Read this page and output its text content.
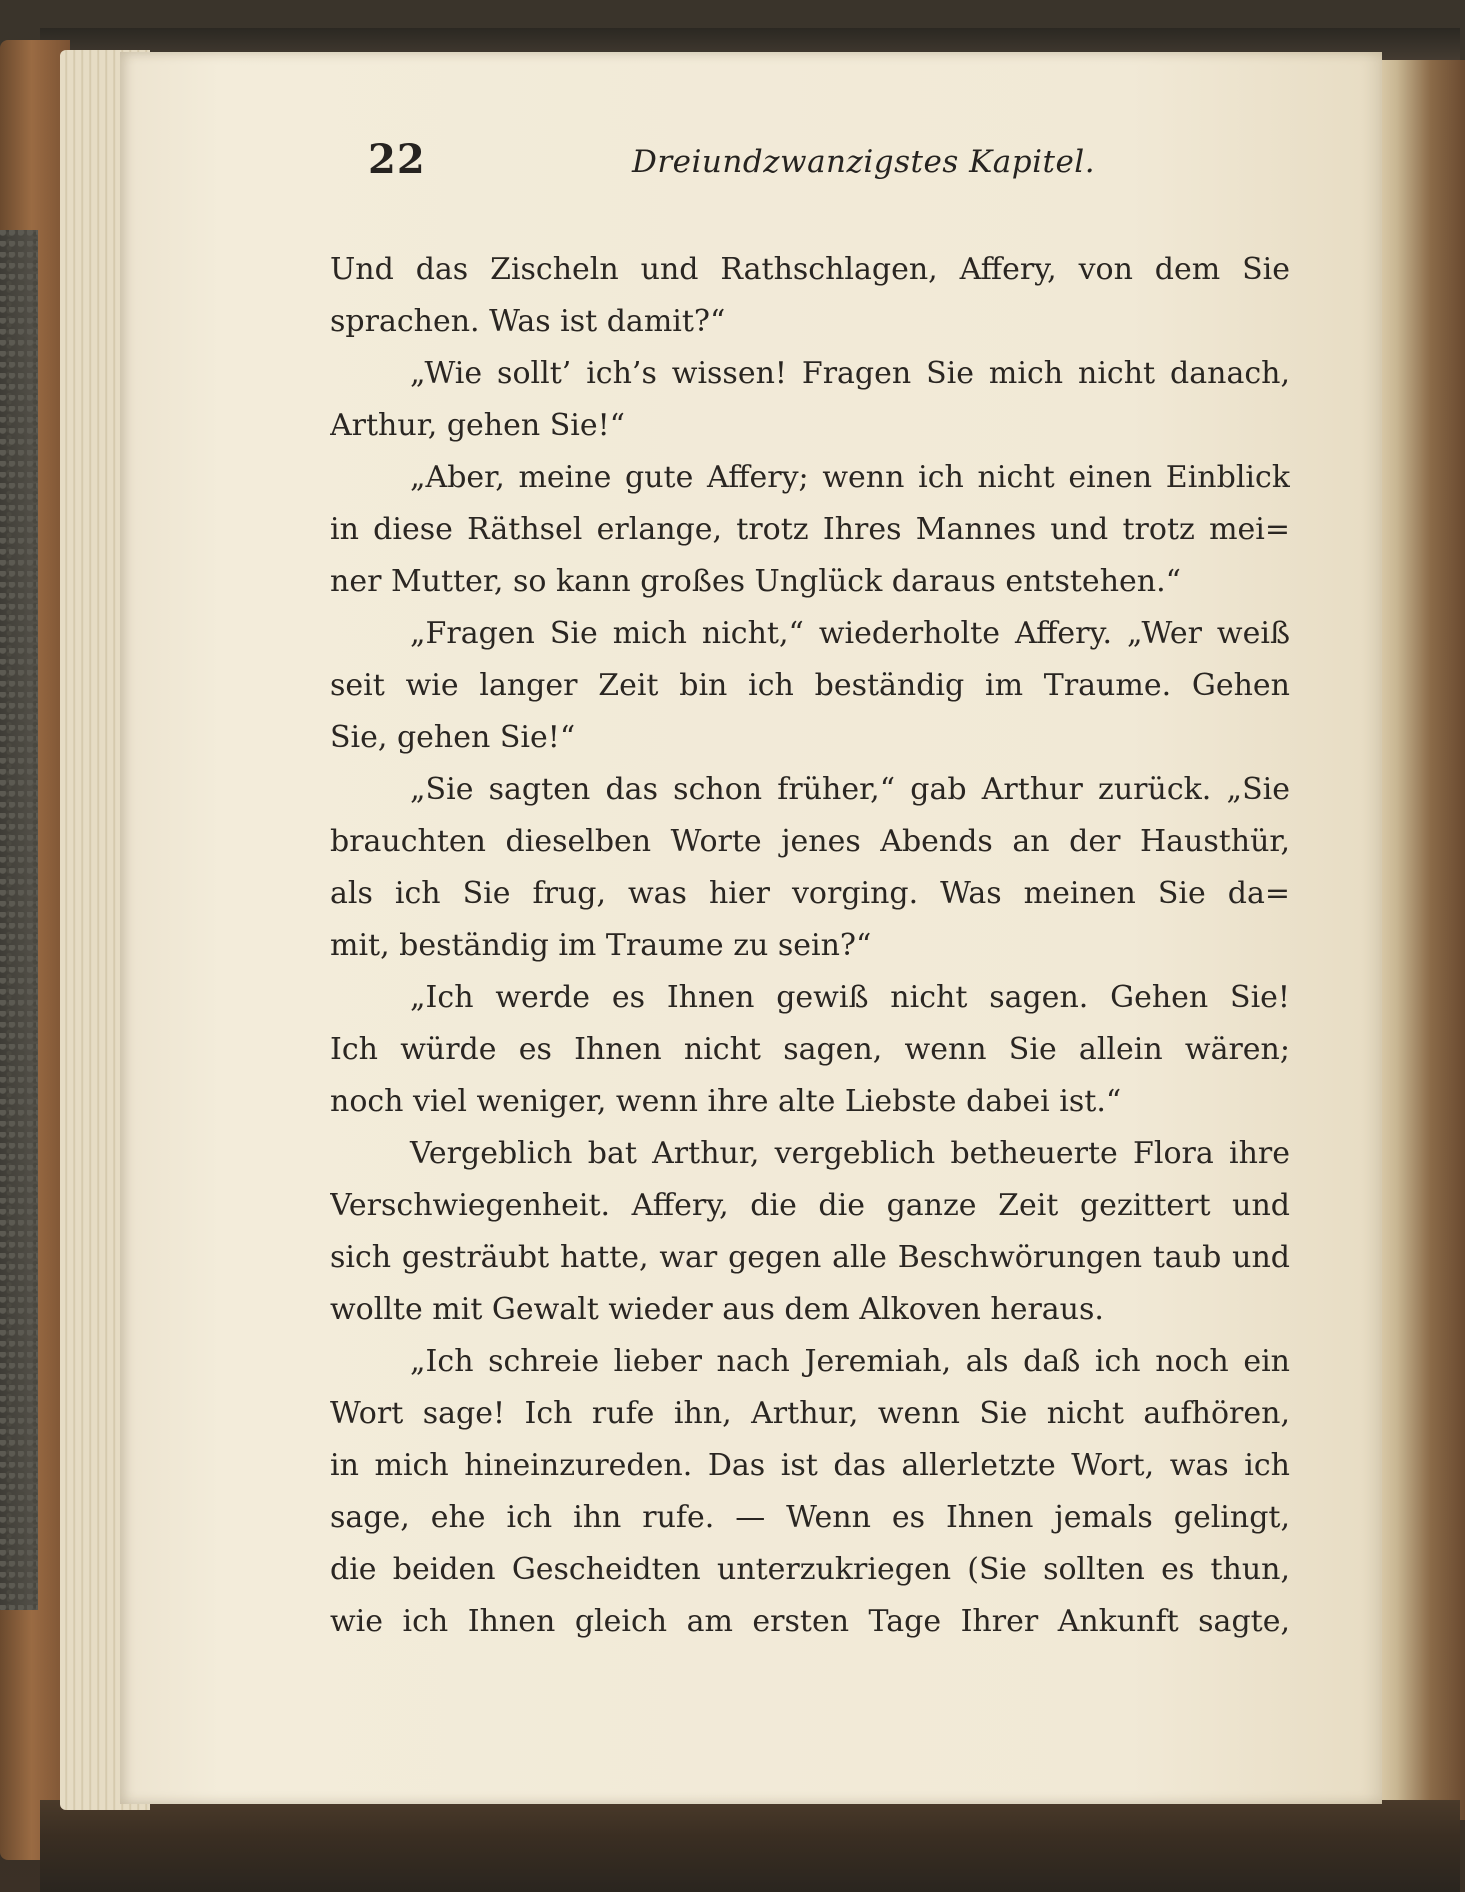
22	Dreiundzwanzigstes Kapitel.
Und das Zischeln und Rathschlagen, Affery, von dem Sie
sprachen. Was ist damit?“
„Wie sollt’ ich’s wissen! Fragen Sie mich nicht danach,
Arthur, gehen Sie!“
„Aber, meine gute Affery; wenn ich nicht einen Einblick
in diese Räthsel erlange, trotz Ihres Mannes und trotz mei=
ner Mutter, so kann großes Unglück daraus entstehen.“
„Fragen Sie mich nicht,“ wiederholte Affery. „Wer weiß
seit wie langer Zeit bin ich beständig im Traume. Gehen
Sie, gehen Sie!“
„Sie sagten das schon früher,“ gab Arthur zurück. „Sie
brauchten dieselben Worte jenes Abends an der Hausthür,
als ich Sie frug, was hier vorging. Was meinen Sie da=
mit, beständig im Traume zu sein?“
„Ich werde es Ihnen gewiß nicht sagen. Gehen Sie!
Ich würde es Ihnen nicht sagen, wenn Sie allein wären;
noch viel weniger, wenn ihre alte Liebste dabei ist.“
Vergeblich bat Arthur, vergeblich betheuerte Flora ihre
Verschwiegenheit. Affery, die die ganze Zeit gezittert und
sich gesträubt hatte, war gegen alle Beschwörungen taub und
wollte mit Gewalt wieder aus dem Alkoven heraus.
„Ich schreie lieber nach Jeremiah, als daß ich noch ein
Wort sage! Ich rufe ihn, Arthur, wenn Sie nicht aufhören,
in mich hineinzureden. Das ist das allerletzte Wort, was ich
sage, ehe ich ihn rufe. — Wenn es Ihnen jemals gelingt,
die beiden Gescheidten unterzukriegen (Sie sollten es thun,
wie ich Ihnen gleich am ersten Tage Ihrer Ankunft sagte,
